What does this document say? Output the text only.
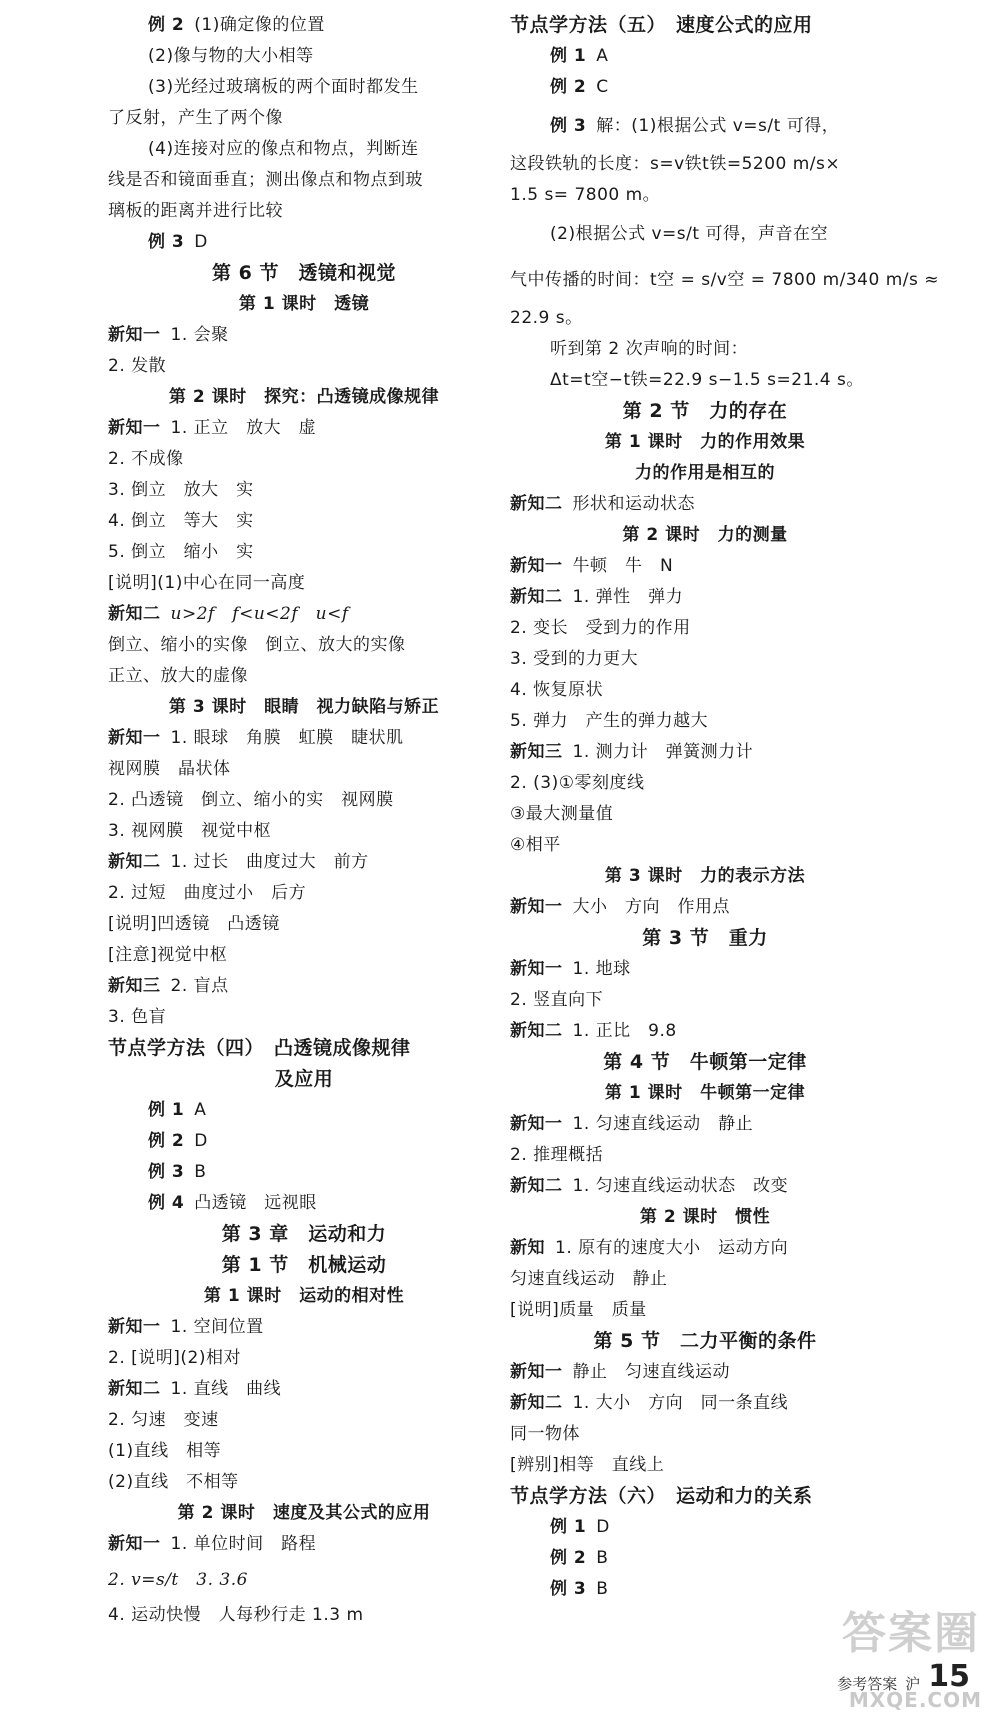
例 2 (1)确定像的位置
(2)像与物的大小相等
(3)光经过玻璃板的两个面时都发生
了反射，产生了两个像
(4)连接对应的像点和物点，判断连
线是否和镜面垂直；测出像点和物点到玻
璃板的距离并进行比较
例 3 D
第 6 节　透镜和视觉
第 1 课时　透镜
新知一 1. 会聚
2. 发散
第 2 课时　探究：凸透镜成像规律
新知一 1. 正立　放大　虚
2. 不成像
3. 倒立　放大　实
4. 倒立　等大　实
5. 倒立　缩小　实
[说明](1)中心在同一高度
新知二 u>2f　f<u<2f　u<f
倒立、缩小的实像　倒立、放大的实像
正立、放大的虚像
第 3 课时　眼睛　视力缺陷与矫正
新知一 1. 眼球　角膜　虹膜　睫状肌
视网膜　晶状体
2. 凸透镜　倒立、缩小的实　视网膜
3. 视网膜　视觉中枢
新知二 1. 过长　曲度过大　前方
2. 过短　曲度过小　后方
[说明]凹透镜　凸透镜
[注意]视觉中枢
新知三 2. 盲点
3. 色盲
节点学方法（四）　凸透镜成像规律
及应用
例 1 A
例 2 D
例 3 B
例 4 凸透镜　远视眼
第 3 章　运动和力
第 1 节　机械运动
第 1 课时　运动的相对性
新知一 1. 空间位置
2. [说明](2)相对
新知二 1. 直线　曲线
2. 匀速　变速
(1)直线　相等
(2)直线　不相等
第 2 课时　速度及其公式的应用
新知一 1. 单位时间　路程
2. v=s/t　3. 3.6
4. 运动快慢　人每秒行走 1.3 m
节点学方法（五）　速度公式的应用
例 1 A
例 2 C
例 3 解：(1)根据公式 v=s/t 可得，
这段铁轨的长度：s=v铁t铁=5200 m/s×
1.5 s= 7800 m。
(2)根据公式 v=s/t 可得，声音在空
气中传播的时间：t空 = s/v空 = 7800 m/340 m/s ≈
22.9 s。
听到第 2 次声响的时间：
Δt=t空−t铁=22.9 s−1.5 s=21.4 s。
第 2 节　力的存在
第 1 课时　力的作用效果
力的作用是相互的
新知二 形状和运动状态
第 2 课时　力的测量
新知一 牛顿　牛　N
新知二 1. 弹性　弹力
2. 变长　受到力的作用
3. 受到的力更大
4. 恢复原状
5. 弹力　产生的弹力越大
新知三 1. 测力计　弹簧测力计
2. (3)①零刻度线
③最大测量值
④相平
第 3 课时　力的表示方法
新知一 大小　方向　作用点
第 3 节　重力
新知一 1. 地球
2. 竖直向下
新知二 1. 正比　9.8
第 4 节　牛顿第一定律
第 1 课时　牛顿第一定律
新知一 1. 匀速直线运动　静止
2. 推理概括
新知二 1. 匀速直线运动状态　改变
第 2 课时　惯性
新知 1. 原有的速度大小　运动方向
匀速直线运动　静止
[说明]质量　质量
第 5 节　二力平衡的条件
新知一 静止　匀速直线运动
新知二 1. 大小　方向　同一条直线
同一物体
[辨别]相等　直线上
节点学方法（六）　运动和力的关系
例 1 D
例 2 B
例 3 B
答案圈
MXQE.COM
参考答案 沪 15
